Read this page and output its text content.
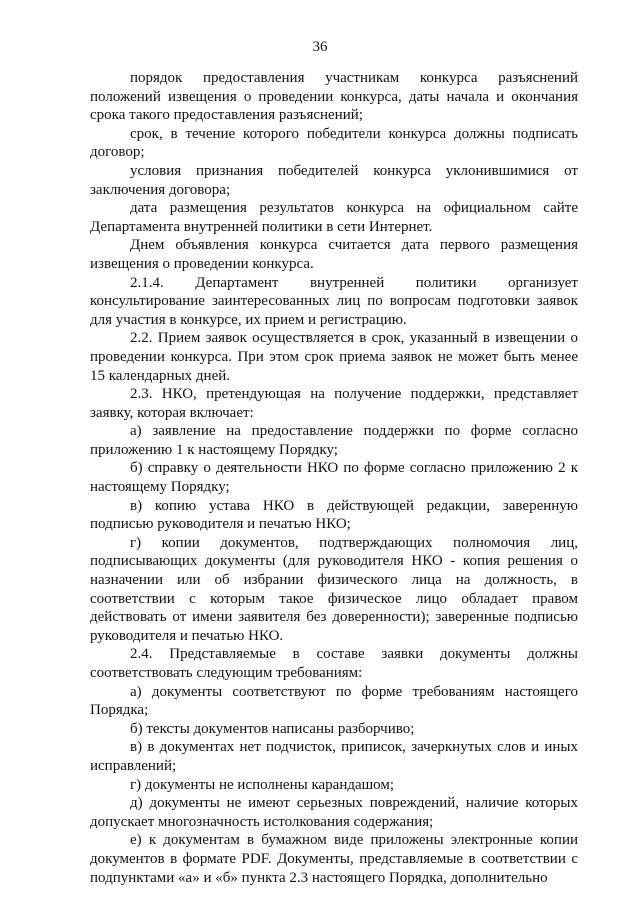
36

порядок предоставления участникам конкурса разъяснений положений извещения о проведении конкурса, даты начала и окончания срока такого предоставления разъяснений;

срок, в течение которого победители конкурса должны подписать договор;

условия признания победителей конкурса уклонившимися от заключения договора;

дата размещения результатов конкурса на официальном сайте Департамента внутренней политики в сети Интернет.

Днем объявления конкурса считается дата первого размещения извещения о проведении конкурса.

2.1.4. Департамент внутренней политики организует консультирование заинтересованных лиц по вопросам подготовки заявок для участия в конкурсе, их прием и регистрацию.

2.2. Прием заявок осуществляется в срок, указанный в извещении о проведении конкурса. При этом срок приема заявок не может быть менее 15 календарных дней.

2.3. НКО, претендующая на получение поддержки, представляет заявку, которая включает:

а) заявление на предоставление поддержки по форме согласно приложению 1 к настоящему Порядку;

б) справку о деятельности НКО по форме согласно приложению 2 к настоящему Порядку;

в) копию устава НКО в действующей редакции, заверенную подписью руководителя и печатью НКО;

г) копии документов, подтверждающих полномочия лиц, подписывающих документы (для руководителя НКО - копия решения о назначении или об избрании физического лица на должность, в соответствии с которым такое физическое лицо обладает правом действовать от имени заявителя без доверенности); заверенные подписью руководителя и печатью НКО.

2.4. Представляемые в составе заявки документы должны соответствовать следующим требованиям:

а) документы соответствуют по форме требованиям настоящего Порядка;

б) тексты документов написаны разборчиво;

в) в документах нет подчисток, приписок, зачеркнутых слов и иных исправлений;

г) документы не исполнены карандашом;

д) документы не имеют серьезных повреждений, наличие которых допускает многозначность истолкования содержания;

е) к документам в бумажном виде приложены электронные копии документов в формате PDF. Документы, представляемые в соответствии с подпунктами «а» и «б» пункта 2.3 настоящего Порядка, дополнительно
